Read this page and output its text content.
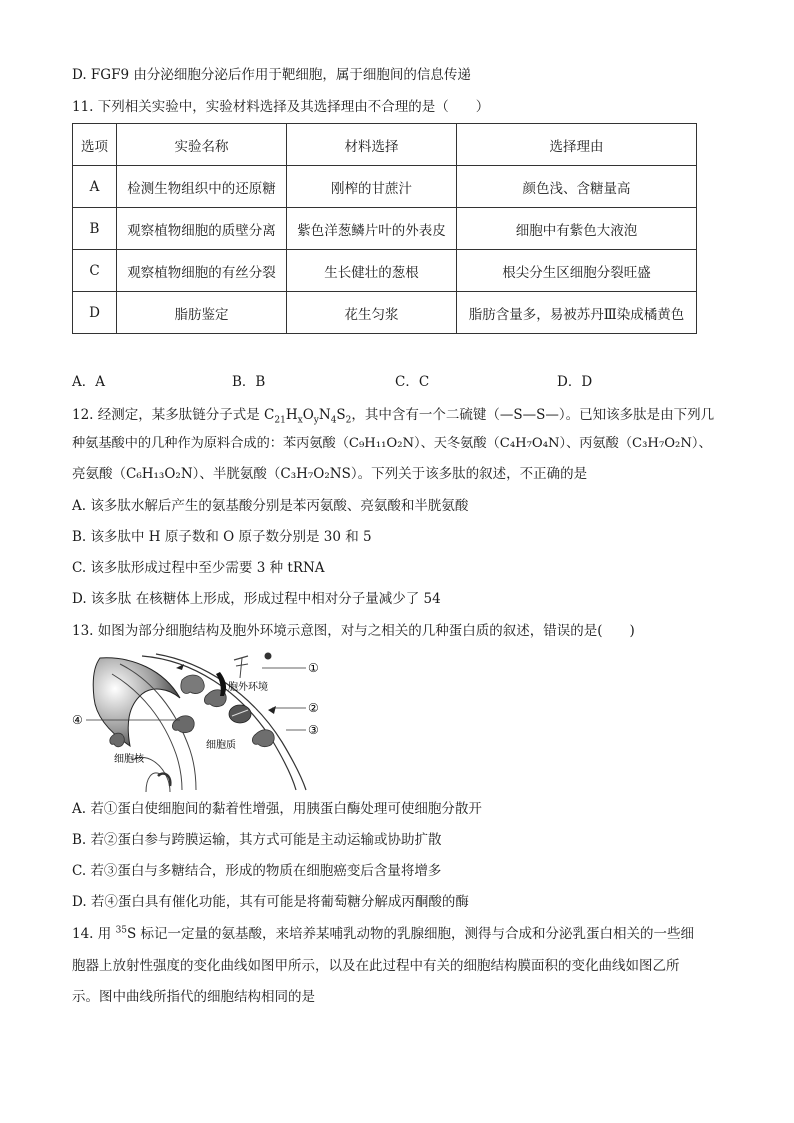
D. FGF9 由分泌细胞分泌后作用于靶细胞，属于细胞间的信息传递
11. 下列相关实验中，实验材料选择及其选择理由不合理的是（　　）
选项	实验名称	材料选择	选择理由
A	检测生物组织中的还原糖	刚榨的甘蔗汁	颜色浅、含糖量高
B	观察植物细胞的质壁分离	紫色洋葱鳞片叶的外表皮	细胞中有紫色大液泡
C	观察植物细胞的有丝分裂	生长健壮的葱根	根尖分生区细胞分裂旺盛
D	脂肪鉴定	花生匀浆	脂肪含量多，易被苏丹Ⅲ染成橘黄色
A．A	B．B	C．C	D．D
12. 经测定，某多肽链分子式是 $C_{21}H_xO_yN_4S_2$，其中含有一个二硫键（—S—S—）。已知该多肽是由下列几
种氨基酸中的几种作为原料合成的：苯丙氨酸（C₉H₁₁O₂N）、天冬氨酸（C₄H₇O₄N）、丙氨酸（C₃H₇O₂N）、
亮氨酸（C₆H₁₃O₂N）、半胱氨酸（C₃H₇O₂NS）。下列关于该多肽的叙述，不正确的是
A. 该多肽水解后产生的氨基酸分别是苯丙氨酸、亮氨酸和半胱氨酸
B. 该多肽中 H 原子数和 O 原子数分别是 30 和 5
C. 该多肽形成过程中至少需要 3 种 tRNA
D. 该多肽 在核糖体上形成，形成过程中相对分子量减少了 54
13. 如图为部分细胞结构及胞外环境示意图，对与之相关的几种蛋白质的叙述，错误的是(　　)
①
②
③
④
胞外环境
细胞质
细胞核
A. 若①蛋白使细胞间的黏着性增强，用胰蛋白酶处理可使细胞分散开
B. 若②蛋白参与跨膜运输，其方式可能是主动运输或协助扩散
C. 若③蛋白与多糖结合，形成的物质在细胞癌变后含量将增多
D. 若④蛋白具有催化功能，其有可能是将葡萄糖分解成丙酮酸的酶
14. 用 $^{35}$S 标记一定量的氨基酸，来培养某哺乳动物的乳腺细胞，测得与合成和分泌乳蛋白相关的一些细
胞器上放射性强度的变化曲线如图甲所示，以及在此过程中有关的细胞结构膜面积的变化曲线如图乙所
示。图中曲线所指代的细胞结构相同的是
